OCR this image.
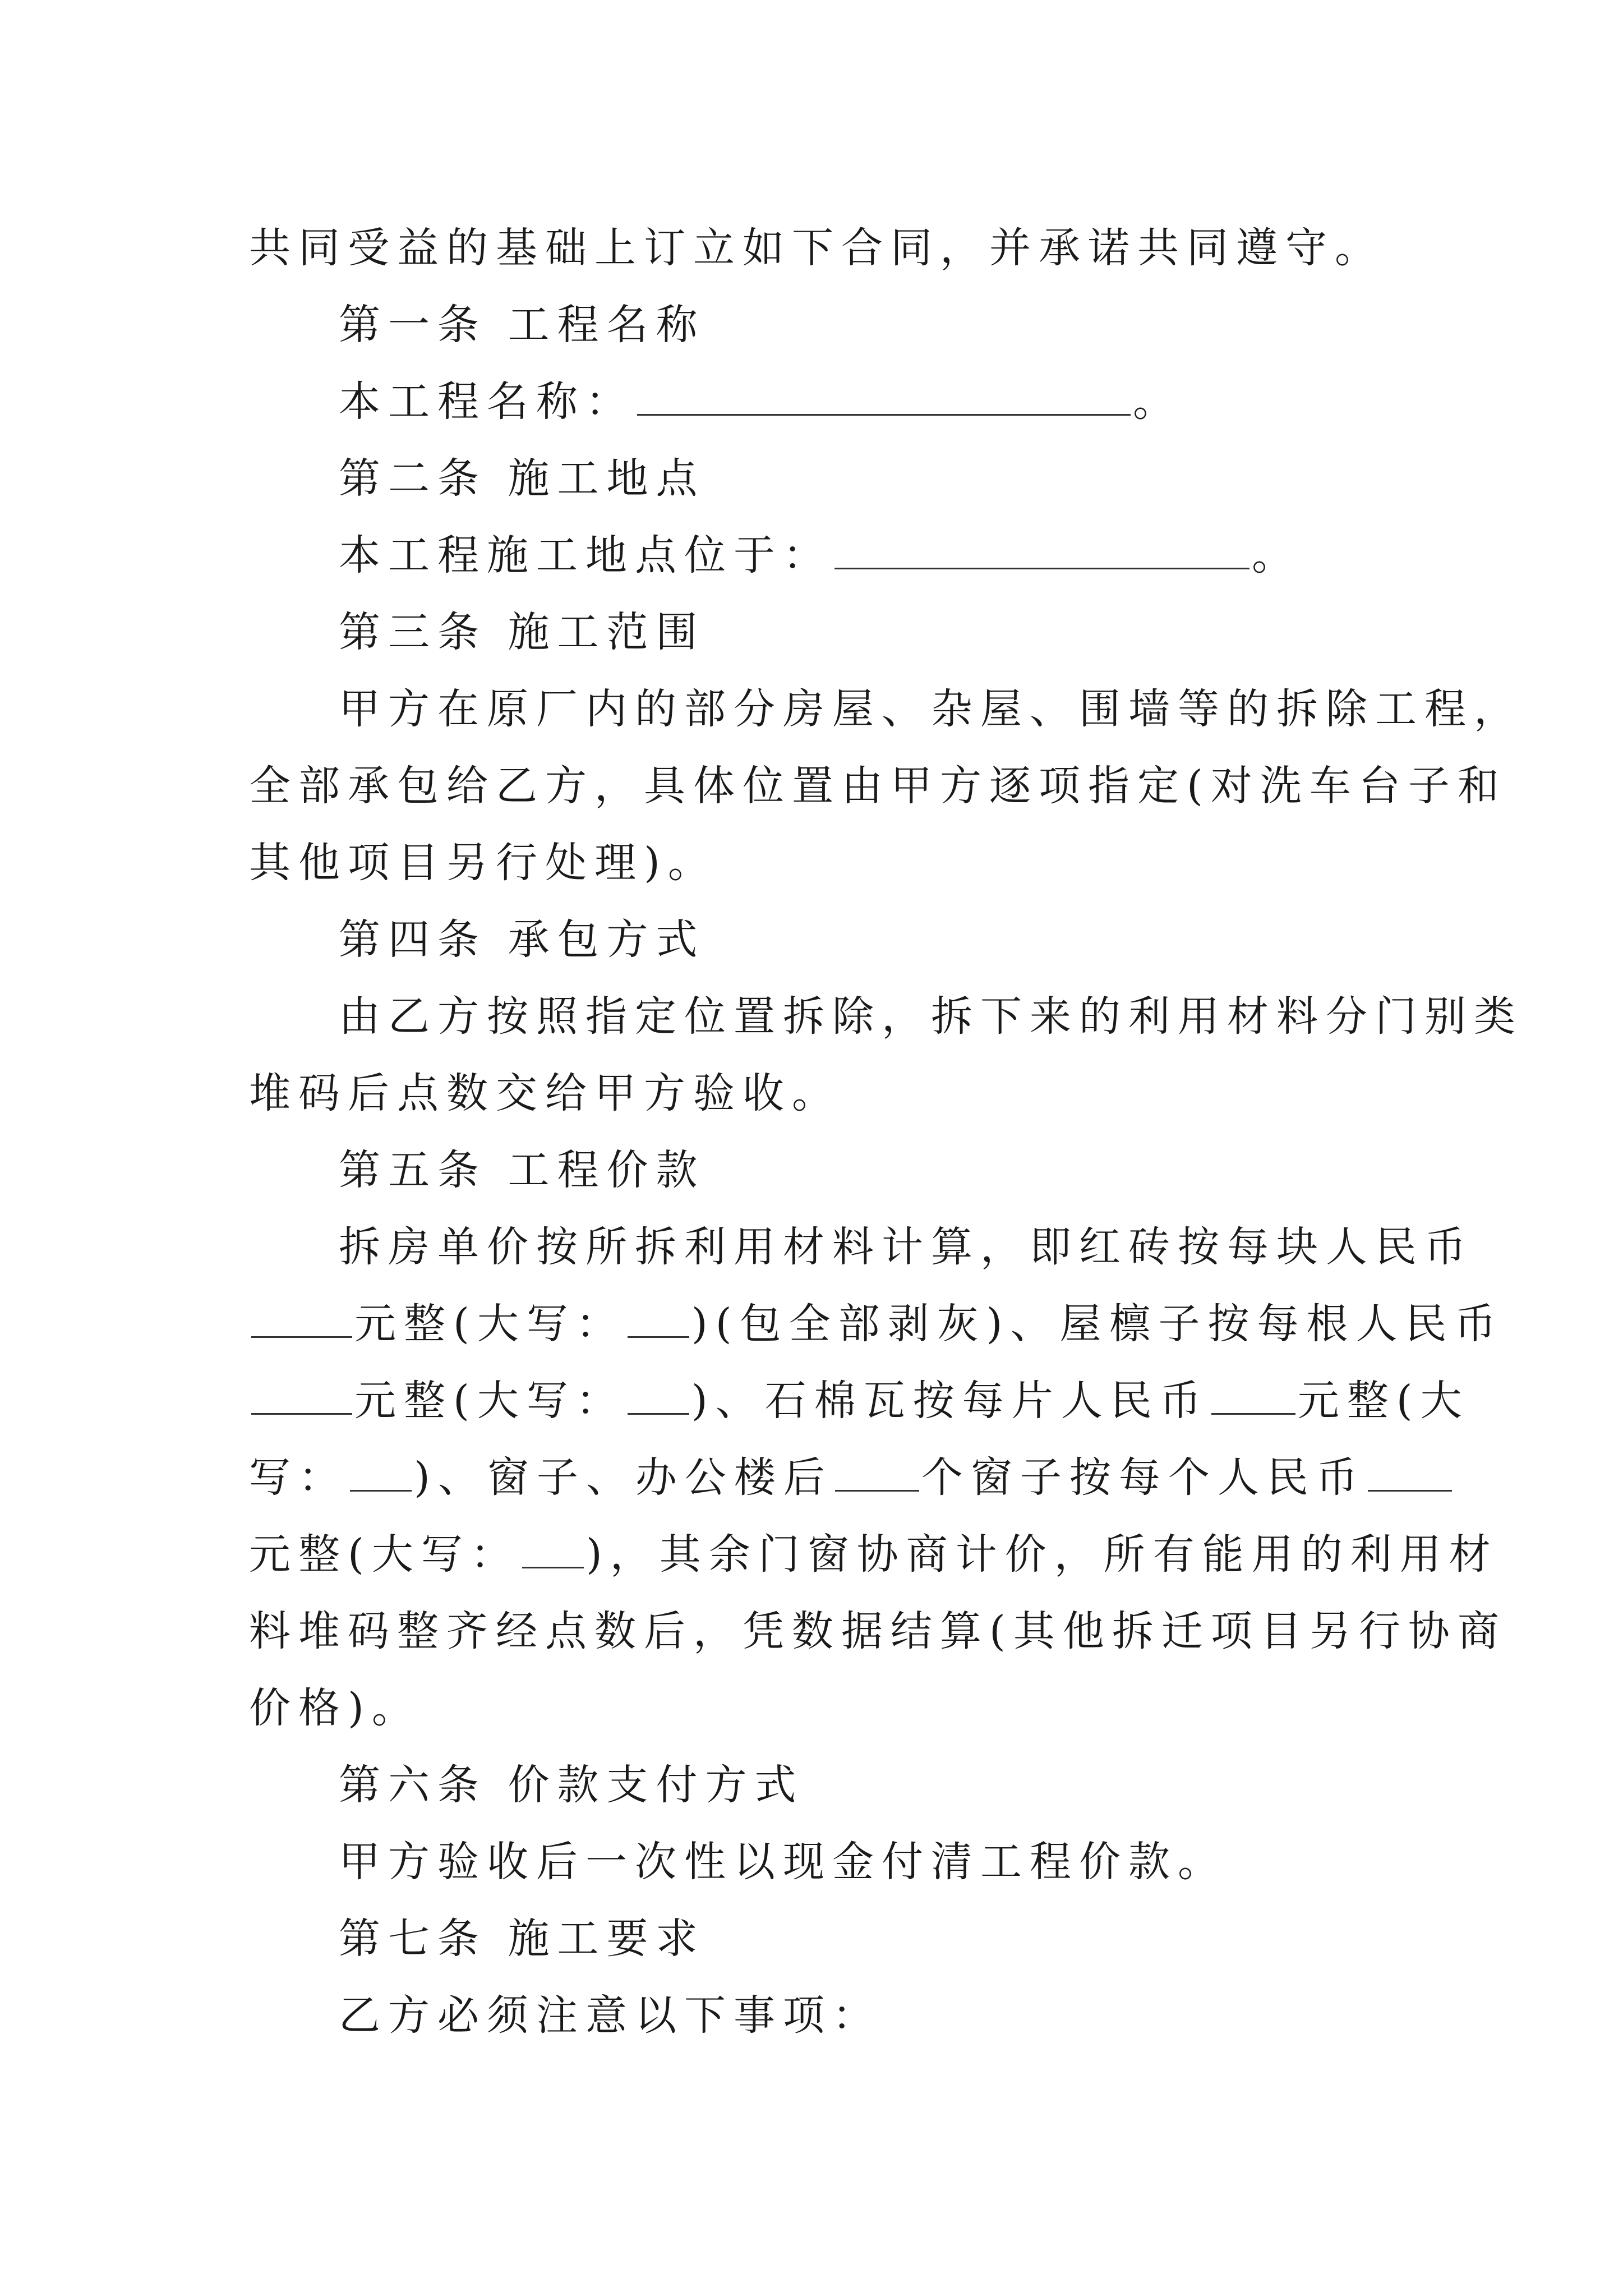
共同受益的基础上订立如下合同，并承诺共同遵守。
第一条 工程名称
本工程名称：	。
第二条 施工地点
本工程施工地点位于：	。
第三条 施工范围
甲方在原厂内的部分房屋、杂屋、围墙等的拆除工程，
全部承包给乙方，具体位置由甲方逐项指定(对洗车台子和
其他项目另行处理)。
第四条 承包方式
由乙方按照指定位置拆除，拆下来的利用材料分门别类
堆码后点数交给甲方验收。
第五条 工程价款
拆房单价按所拆利用材料计算，即红砖按每块人民币
元整(大写： )(包全部剥灰)、屋檩子按每根人民币
元整(大写： )、石棉瓦按每片人民币 元整(大
写： )、窗子、办公楼后 个窗子按每个人民币
元整(大写： )，其余门窗协商计价，所有能用的利用材
料堆码整齐经点数后，凭数据结算(其他拆迁项目另行协商
价格)。
第六条 价款支付方式
甲方验收后一次性以现金付清工程价款。
第七条 施工要求
乙方必须注意以下事项：
